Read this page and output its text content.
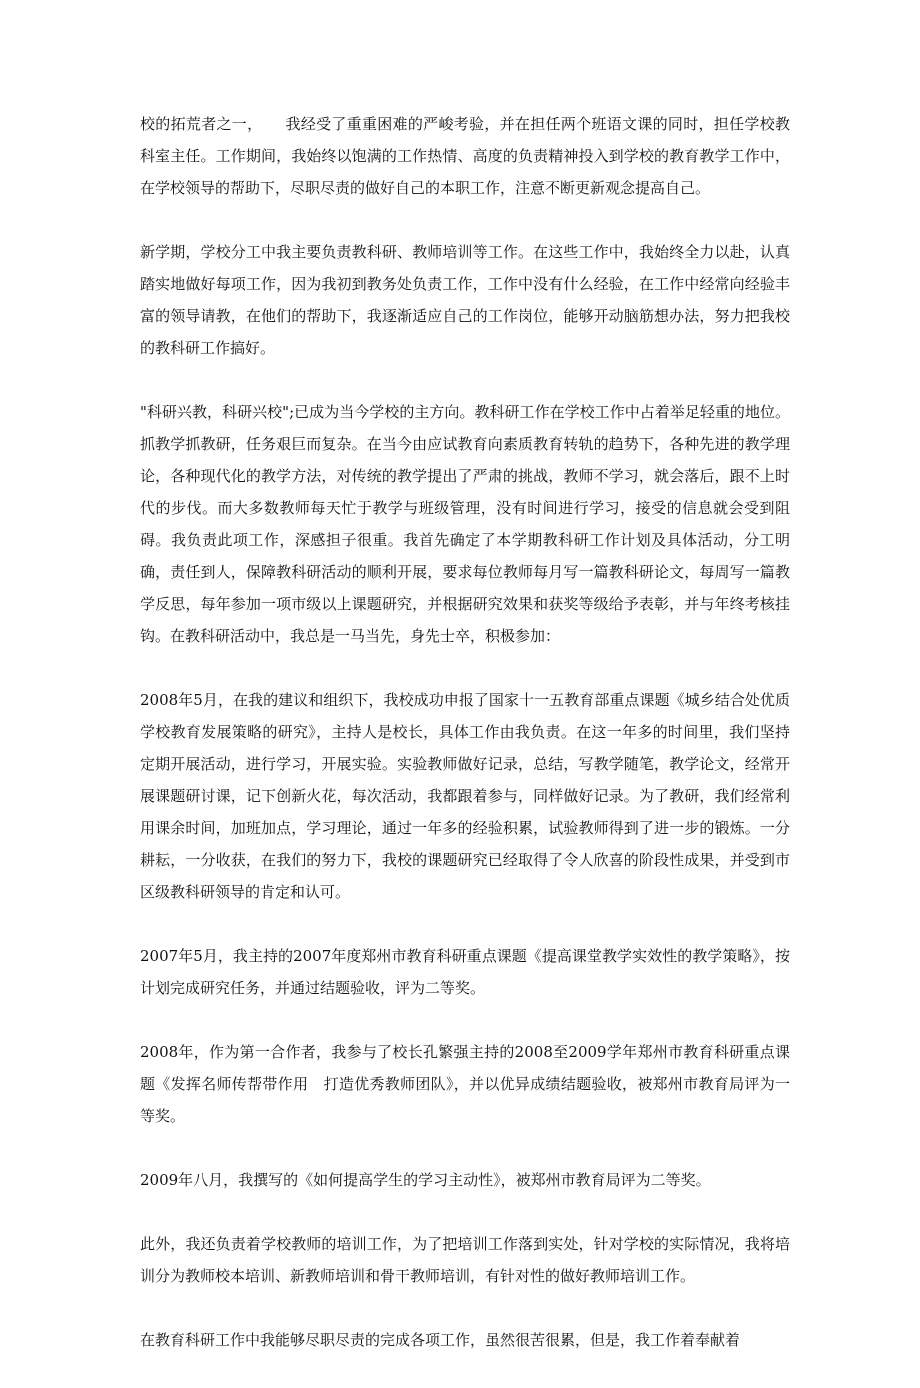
校的拓荒者之一，　　我经受了重重困难的严峻考验，并在担任两个班语文课的同时，担任学校教科室主任。工作期间，我始终以饱满的工作热情、高度的负责精神投入到学校的教育教学工作中，在学校领导的帮助下，尽职尽责的做好自己的本职工作，注意不断更新观念提高自己。

新学期，学校分工中我主要负责教科研、教师培训等工作。在这些工作中，我始终全力以赴，认真踏实地做好每项工作，因为我初到教务处负责工作，工作中没有什么经验，在工作中经常向经验丰富的领导请教，在他们的帮助下，我逐渐适应自己的工作岗位，能够开动脑筋想办法，努力把我校的教科研工作搞好。

"科研兴教，科研兴校";已成为当今学校的主方向。教科研工作在学校工作中占着举足轻重的地位。抓教学抓教研，任务艰巨而复杂。在当今由应试教育向素质教育转轨的趋势下，各种先进的教学理论，各种现代化的教学方法，对传统的教学提出了严肃的挑战，教师不学习，就会落后，跟不上时代的步伐。而大多数教师每天忙于教学与班级管理，没有时间进行学习，接受的信息就会受到阻碍。我负责此项工作，深感担子很重。我首先确定了本学期教科研工作计划及具体活动，分工明确，责任到人，保障教科研活动的顺利开展，要求每位教师每月写一篇教科研论文，每周写一篇教学反思，每年参加一项市级以上课题研究，并根据研究效果和获奖等级给予表彰，并与年终考核挂钩。在教科研活动中，我总是一马当先，身先士卒，积极参加：

2008年5月，在我的建议和组织下，我校成功申报了国家十一五教育部重点课题《城乡结合处优质学校教育发展策略的研究》，主持人是校长，具体工作由我负责。在这一年多的时间里，我们坚持定期开展活动，进行学习，开展实验。实验教师做好记录，总结，写教学随笔，教学论文，经常开展课题研讨课，记下创新火花，每次活动，我都跟着参与，同样做好记录。为了教研，我们经常利用课余时间，加班加点，学习理论，通过一年多的经验积累，试验教师得到了进一步的锻炼。一分耕耘，一分收获，在我们的努力下，我校的课题研究已经取得了令人欣喜的阶段性成果，并受到市区级教科研领导的肯定和认可。

2007年5月，我主持的2007年度郑州市教育科研重点课题《提高课堂教学实效性的教学策略》，按计划完成研究任务，并通过结题验收，评为二等奖。

2008年，作为第一合作者，我参与了校长孔繁强主持的2008至2009学年郑州市教育科研重点课题《发挥名师传帮带作用　打造优秀教师团队》，并以优异成绩结题验收，被郑州市教育局评为一等奖。

2009年八月，我撰写的《如何提高学生的学习主动性》，被郑州市教育局评为二等奖。

此外，我还负责着学校教师的培训工作，为了把培训工作落到实处，针对学校的实际情况，我将培训分为教师校本培训、新教师培训和骨干教师培训，有针对性的做好教师培训工作。

在教育科研工作中我能够尽职尽责的完成各项工作，虽然很苦很累，但是，我工作着奉献着
